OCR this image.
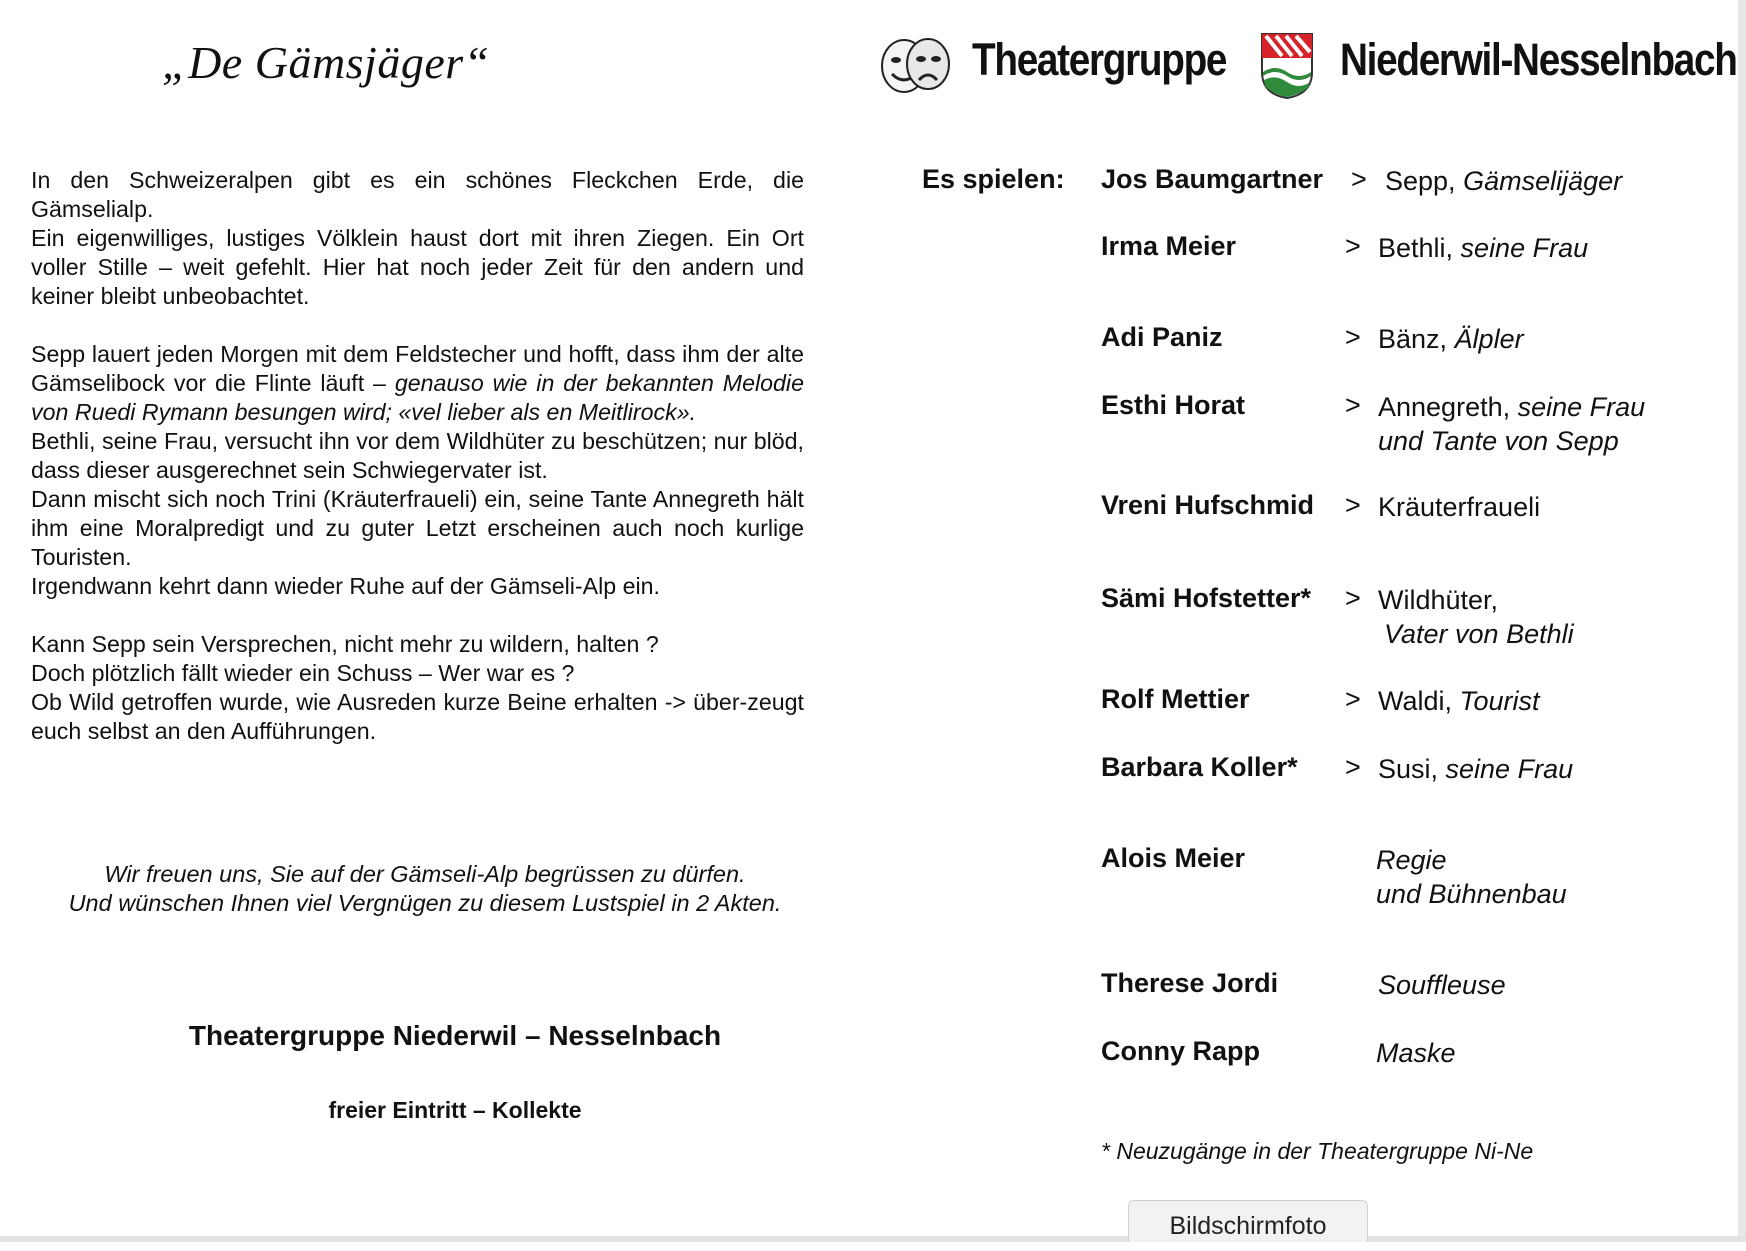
„De Gämsjäger“	Theatergruppe	Niederwil-Nesselnbach

In den Schweizeralpen gibt es ein schönes Fleckchen Erde, die Gämselialp.

Ein eigenwilliges, lustiges Völklein haust dort mit ihren Ziegen. Ein Ort voller Stille – weit gefehlt. Hier hat noch jeder Zeit für den andern und keiner bleibt unbeobachtet.

Sepp lauert jeden Morgen mit dem Feldstecher und hofft, dass ihm der alte Gämselibock vor die Flinte läuft – genauso wie in der bekannten Melodie von Ruedi Rymann besungen wird; «vel lieber als en Meitlirock».

Bethli, seine Frau, versucht ihn vor dem Wildhüter zu beschützen; nur blöd, dass dieser ausgerechnet sein Schwiegervater ist.

Dann mischt sich noch Trini (Kräuterfraueli) ein, seine Tante Annegreth hält ihm eine Moralpredigt und zu guter Letzt erscheinen auch noch kurlige Touristen.

Irgendwann kehrt dann wieder Ruhe auf der Gämseli-Alp ein.

Kann Sepp sein Versprechen, nicht mehr zu wildern, halten ?

Doch plötzlich fällt wieder ein Schuss – Wer war es ?

Ob Wild getroffen wurde, wie Ausreden kurze Beine erhalten -> über-zeugt euch selbst an den Aufführungen.

Wir freuen uns, Sie auf der Gämseli-Alp begrüssen zu dürfen.
Und wünschen Ihnen viel Vergnügen zu diesem Lustspiel in 2 Akten.
Theatergruppe Niederwil – Nesselnbach
freier Eintritt – Kollekte
Es spielen: Jos Baumgartner > Sepp, Gämselijäger
Irma Meier	> Bethli, seine Frau
Adi Paniz	> Bänz, Älpler
Esthi Horat	> Annegreth, seine Frau
und Tante von Sepp
Vreni Hufschmid > Kräuterfraueli
Sämi Hofstetter* > Wildhüter,
Vater von Bethli
Rolf Mettier	> Waldi, Tourist
Barbara Koller* > Susi, seine Frau
Alois Meier	Regie
und Bühnenbau
Therese Jordi	Souffleuse
Conny Rapp	Maske
* Neuzugänge in der Theatergruppe Ni-Ne
Bildschirmfoto
